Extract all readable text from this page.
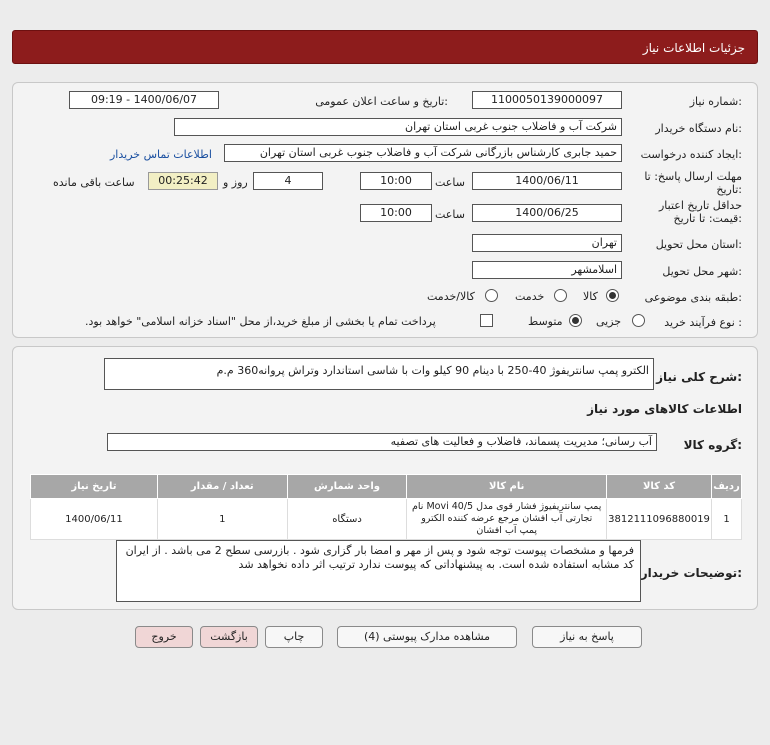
جزئیات اطلاعات نیاز
شماره نیاز:
1100050139000097
تاریخ و ساعت اعلان عمومی:
1400/06/07 - 09:19
نام دستگاه خریدار:
شرکت آب و فاضلاب جنوب غربی استان تهران
ایجاد کننده درخواست:
حمید جابری کارشناس بازرگانی شرکت آب و فاضلاب جنوب غربی استان تهران
اطلاعات تماس خریدار
مهلت ارسال پاسخ: تا تاریخ:
1400/06/11
ساعت
10:00
4
روز و
00:25:42
ساعت باقی مانده
حداقل تاریخ اعتبار قیمت: تا تاریخ:
1400/06/25
ساعت
10:00
استان محل تحویل:
تهران
شهر محل تحویل:
اسلامشهر
طبقه بندی موضوعی:
کالا
خدمت
کالا/خدمت
نوع فرآیند خرید :
جزیی
متوسط
پرداخت تمام یا بخشی از مبلغ خرید،از محل "اسناد خزانه اسلامی" خواهد بود.
شرح کلی نیاز:
الکترو پمپ سانتریفوژ 40-250 با دینام 90 کیلو وات با شاسی استاندارد وتراش پروانه360 م.م
اطلاعات کالاهای مورد نیاز
گروه کالا:
آب رسانی؛ مدیریت پسماند، فاضلاب و فعالیت های تصفیه
ردیف	کد کالا	نام کالا	واحد شمارش	تعداد / مقدار	تاریخ نیاز
1	3812111096880019	پمپ سانتریفیوژ فشار قوی مدل Movi 40/5 نام تجارتی آب افشان مرجع عرضه کننده الکترو پمپ آب افشان	دستگاه	1	1400/06/11
توضیحات خریدار:
فرمها و مشخصات پیوست توجه شود و پس از مهر و امضا بار گزاری شود . بازرسی سطح 2 می باشد . از ایران کد مشابه استفاده شده است. به پیشنهاداتی که پیوست ندارد ترتیب اثر داده نخواهد شد
پاسخ به نیاز
مشاهده مدارک پیوستی (4)
چاپ
بازگشت
خروج
